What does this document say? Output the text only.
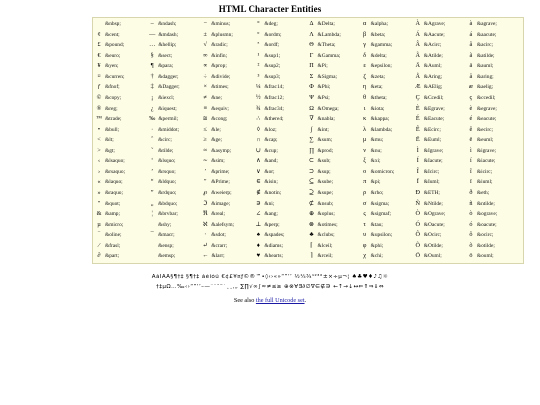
HTML Character Entities
&nbsp;	– &ndash;	− &minus;	° &deg;	Δ &Delta;	α &alpha;	À &Agrave;	à &agrave;
¢ &cent;	— &mdash;	± &plusmn;	º &ordm;	Λ &Lambda;	β &beta;	Á &Aacute;	á &aacute;
£ &pound;	… &hellip;	√ &radic;	ª &ordf;	Θ &Theta;	γ &gamma;	Â &Acirc;	â &acirc;
€ &euro;	§ &sect;	∞ &infin;	¹ &sup1;	Γ &Gamma;	δ &delta;	Ã &Atilde;	ã &atilde;
¥ &yen;	¶ &para;	∝ &prop;	² &sup2;	Π &Pi;	ε &epsilon;	Ä &Auml;	ä &auml;
¤ &curren;	† &dagger;	÷ &divide;	³ &sup3;	Σ &Sigma;	ζ &zeta;	Å &Aring;	å &aring;
ƒ &fnof;	‡ &Dagger;	× &times;	¼ &frac14;	Φ &Phi;	η &eta;	Æ &AElig;	æ &aelig;
© &copy;	¡ &iexcl;	≠ &ne;	½ &frac12;	Ψ &Psi;	θ &theta;	Ç &Ccedil;	ç &ccedil;
® &reg;	¿ &iquest;	≡ &equiv;	¾ &frac34;	Ω &Omega;	ι &iota;	È &Egrave;	è &egrave;
™ &trade;	‰ &permil;	≅ &cong;	∴ &there4;	∇ &nabla;	κ &kappa;	É &Eacute;	é &eacute;
• &bull;	· &middot;	≤ &le;	◊ &loz;	∫ &int;	λ &lambda;	Ê &Ecirc;	ê &ecirc;
< &lt;	ˆ &circ;	≥ &ge;	∩ &cap;	∑ &sum;	μ &mu;	Ë &Euml;	ë &euml;
> &gt;	˜ &tilde;	≈ &asymp;	∪ &cup;	∏ &prod;	ν &nu;	Ì &Igrave;	ì &igrave;
‹ &lsaquo;	‘ &lsquo;	∼ &sim;	∧ &and;	⊂ &sub;	ξ &xi;	Í &Iacute;	í &iacute;
› &rsaquo;	’ &rsquo;	′ &prime;	∨ &or;	⊃ &sup;	ο &omicron;	Î &Icirc;	î &icirc;
« &laquo;	“ &ldquo;	″ &Prime;	∈ &isin;	⊆ &sube;	π &pi;	Ï &Iuml;	ï &iuml;
» &raquo;	” &rdquo;	℘ &weierp;	∉ &notin;	⊇ &supe;	ρ &rho;	Ð &ETH;	ð &eth;
" &quot;	„ &bdquo;	ℑ &image;	∋ &ni;	⊄ &nsub;	σ &sigma;	Ñ &Ntilde;	ñ &ntilde;
& &amp;	¦ &brvbar;	ℜ &real;	∠ &ang;	⊕ &oplus;	ς &sigmaf;	Ò &Ograve;	ò &ograve;
µ &micro;	&shy;	ℵ &alefsym;	⊥ &perp;	⊗ &otimes;	τ &tau;	Ó &Oacute;	ó &oacute;
‾ &oline;	¯ &macr;	⋅ &sdot;	♠ &spades;	♣ &clubs;	υ &upsilon;	Ô &Ocirc;	ô &ocirc;
⁄	&frasl;	&ensp;	↵ &crarr;	♦ &diams;	⌈ &lceil;	φ &phi;	Õ &Otilde;	õ &otilde;
∂ &part;	&emsp;	← &larr;	♥ &hearts;	⌉ &rceil;	χ &chi;	Ö &Ouml;	ö &ouml;
ÀáÎÄÅ§¶†‡ §¶†‡ áéíóú €¢£¥¤ƒ©®™•◊‹›«»“”‘’ ½¼¾¹²³°±×÷µ¬¦ ♠♣♥♦♪♫☼
†‡µΩ…‰‹›“”‘’–—˜ˆ¯¨´¸¸‚„ ∑∏√∞∫≈≠≤≥ ⊕⊗∀∃∂∅∇∈∉∋ ←↑→↓↔⇐⇑⇒⇓⇔
See also the full Unicode set.
